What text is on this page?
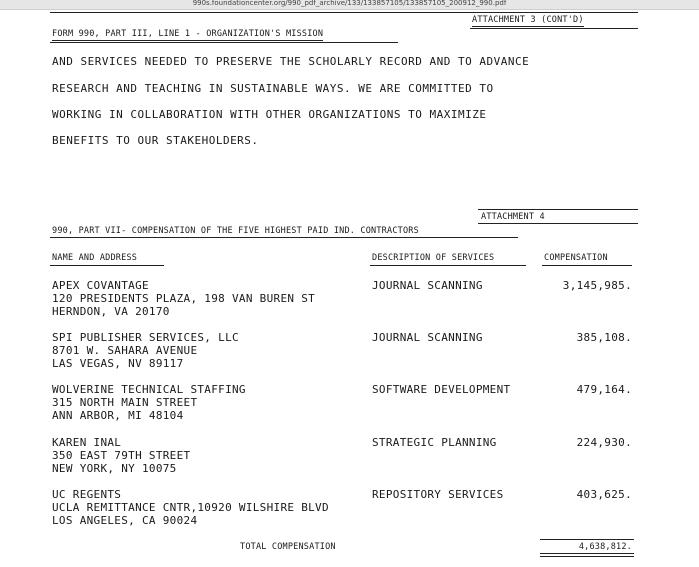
990s.foundationcenter.org/990_pdf_archive/133/133857105/133857105_200912_990.pdf
ATTACHMENT 3 (CONT'D)
FORM 990, PART III, LINE 1 - ORGANIZATION'S MISSION
AND SERVICES NEEDED TO PRESERVE THE SCHOLARLY RECORD AND TO ADVANCE
RESEARCH AND TEACHING IN SUSTAINABLE WAYS. WE ARE COMMITTED TO
WORKING IN COLLABORATION WITH OTHER ORGANIZATIONS TO MAXIMIZE
BENEFITS TO OUR STAKEHOLDERS.
ATTACHMENT 4
990, PART VII- COMPENSATION OF THE FIVE HIGHEST PAID IND. CONTRACTORS
NAME AND ADDRESS	DESCRIPTION OF SERVICES	COMPENSATION
APEX COVANTAGE
120 PRESIDENTS PLAZA, 198 VAN BUREN ST
HERNDON, VA 20170
JOURNAL SCANNING	3,145,985.
SPI PUBLISHER SERVICES, LLC
8701 W. SAHARA AVENUE
LAS VEGAS, NV 89117
JOURNAL SCANNING	385,108.
WOLVERINE TECHNICAL STAFFING
315 NORTH MAIN STREET
ANN ARBOR, MI 48104
SOFTWARE DEVELOPMENT	479,164.
KAREN INAL
350 EAST 79TH STREET
NEW YORK, NY 10075
STRATEGIC PLANNING	224,930.
UC REGENTS
UCLA REMITTANCE CNTR,10920 WILSHIRE BLVD
LOS ANGELES, CA 90024
REPOSITORY SERVICES	403,625.
TOTAL COMPENSATION	4,638,812.
